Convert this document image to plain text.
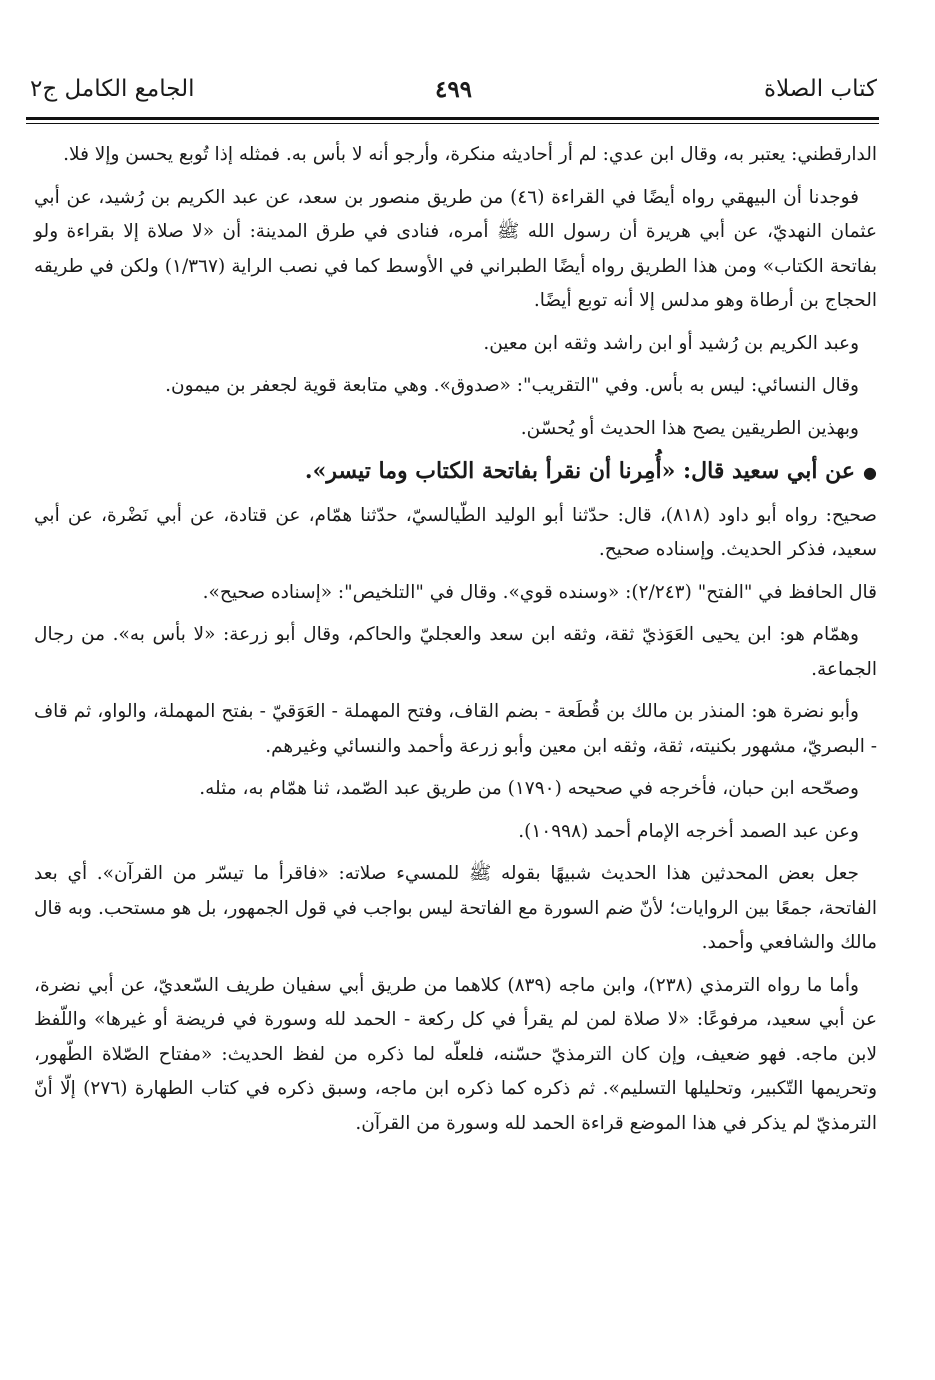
كتاب الصلاة
٤٩٩
الجامع الكامل ج٢

الدارقطني: يعتبر به، وقال ابن عدي: لم أر أحاديثه منكرة، وأرجو أنه لا بأس به. فمثله إذا تُوبع يحسن وإلا فلا.

فوجدنا أن البيهقي رواه أيضًا في القراءة (٤٦) من طريق منصور بن سعد، عن عبد الكريم بن رُشيد، عن أبي عثمان النهديّ، عن أبي هريرة أن رسول الله ﷺ أمره، فنادى في طرق المدينة: أن «لا صلاة إلا بقراءة ولو بفاتحة الكتاب» ومن هذا الطريق رواه أيضًا الطبراني في الأوسط كما في نصب الراية (١/٣٦٧) ولكن في طريقه الحجاج بن أرطاة وهو مدلس إلا أنه توبع أيضًا.

وعبد الكريم بن رُشيد أو ابن راشد وثقه ابن معين.

وقال النسائي: ليس به بأس. وفي "التقريب": «صدوق». وهي متابعة قوية لجعفر بن ميمون.

وبهذين الطريقين يصح هذا الحديث أو يُحسّن.

●عن أبي سعيد قال: «أُمِرنا أن نقرأ بفاتحة الكتاب وما تيسر».

صحيح: رواه أبو داود (٨١٨)، قال: حدّثنا أبو الوليد الطّيالسيّ، حدّثنا همّام، عن قتادة، عن أبي نَضْرة، عن أبي سعيد، فذكر الحديث. وإسناده صحيح.

قال الحافظ في "الفتح" (٢/٢٤٣): «وسنده قوي». وقال في "التلخيص": «إسناده صحيح».

وهمّام هو: ابن يحيى العَوَذيّ ثقة، وثقه ابن سعد والعجليّ والحاكم، وقال أبو زرعة: «لا بأس به». من رجال الجماعة.

وأبو نضرة هو: المنذر بن مالك بن قُطَعة - بضم القاف، وفتح المهملة - العَوَقيّ - بفتح المهملة، والواو، ثم قاف - البصريّ، مشهور بكنيته، ثقة، وثقه ابن معين وأبو زرعة وأحمد والنسائي وغيرهم.

وصحّحه ابن حبان، فأخرجه في صحيحه (١٧٩٠) من طريق عبد الصّمد، ثنا همّام به، مثله.

وعن عبد الصمد أخرجه الإمام أحمد (١٠٩٩٨).

جعل بعض المحدثين هذا الحديث شبيهًا بقوله ﷺ للمسيء صلاته: «فاقرأ ما تيسّر من القرآن». أي بعد الفاتحة، جمعًا بين الروايات؛ لأنّ ضم السورة مع الفاتحة ليس بواجب في قول الجمهور، بل هو مستحب. وبه قال مالك والشافعي وأحمد.

وأما ما رواه الترمذي (٢٣٨)، وابن ماجه (٨٣٩) كلاهما من طريق أبي سفيان طريف السّعديّ، عن أبي نضرة، عن أبي سعيد، مرفوعًا: «لا صلاة لمن لم يقرأ في كل ركعة - الحمد لله وسورة في فريضة أو غيرها» واللّفظ لابن ماجه. فهو ضعيف، وإن كان الترمذيّ حسّنه، فلعلّه لما ذكره من لفظ الحديث: «مفتاح الصّلاة الطّهور، وتحريمها التّكبير، وتحليلها التسليم». ثم ذكره كما ذكره ابن ماجه، وسبق ذكره في كتاب الطهارة (٢٧٦) إلّا أنّ الترمذيّ لم يذكر في هذا الموضع قراءة الحمد لله وسورة من القرآن.
